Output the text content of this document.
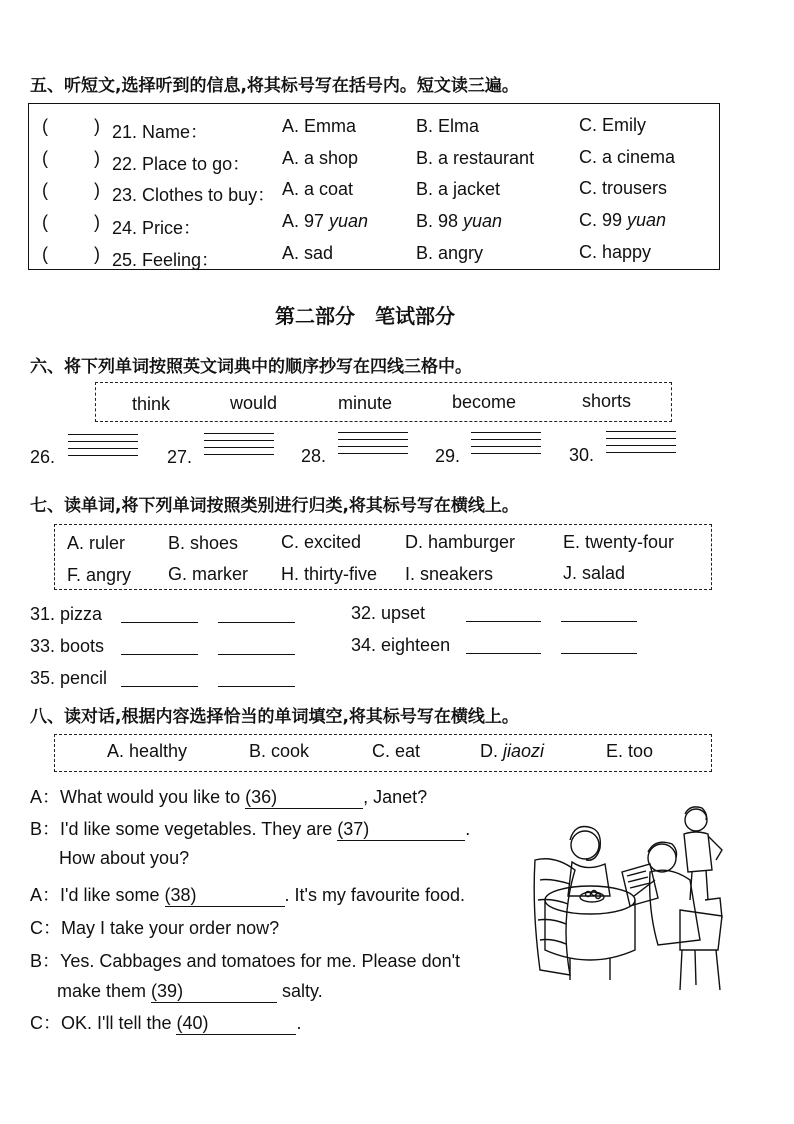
五、听短文,选择听到的信息,将其标号写在括号内。短文读三遍。
(	) 21. Name：	A. Emma	B. Elma	C. Emily
(	) 22. Place to go： A. a shop	B. a restaurant C. a cinema
(	) 23. Clothes to buy： A. a coat	B. a jacket	C. trousers
(	) 24. Price：	A. 97 yuan	B. 98 yuan	C. 99 yuan
(	) 25. Feeling：	A. sad	B. angry	C. happy
第二部分　笔试部分
六、将下列单词按照英文词典中的顺序抄写在四线三格中。
think	would	minute	become	shorts
26.	27.	28.	29.	30.
七、读单词,将下列单词按照类别进行归类,将其标号写在横线上。
A. ruler B. shoes C. excited D. hamburger	E. twenty-four
F. angry G. marker H. thirty-five I. sneakers	J. salad
31. pizza	32. upset
33. boots	34. eighteen
35. pencil
八、读对话,根据内容选择恰当的单词填空,将其标号写在横线上。
A. healthy	B. cook	C. eat	D. jiaozi	E. too
A：What would you like to (36)	, Janet?
B：I'd like some vegetables. They are (37)	.
How about you?
A：I'd like some (38)	. It's my favourite food.
C：May I take your order now?
B：Yes. Cabbages and tomatoes for me. Please don't
make them (39)	salty.
C：OK. I'll tell the (40)	.
